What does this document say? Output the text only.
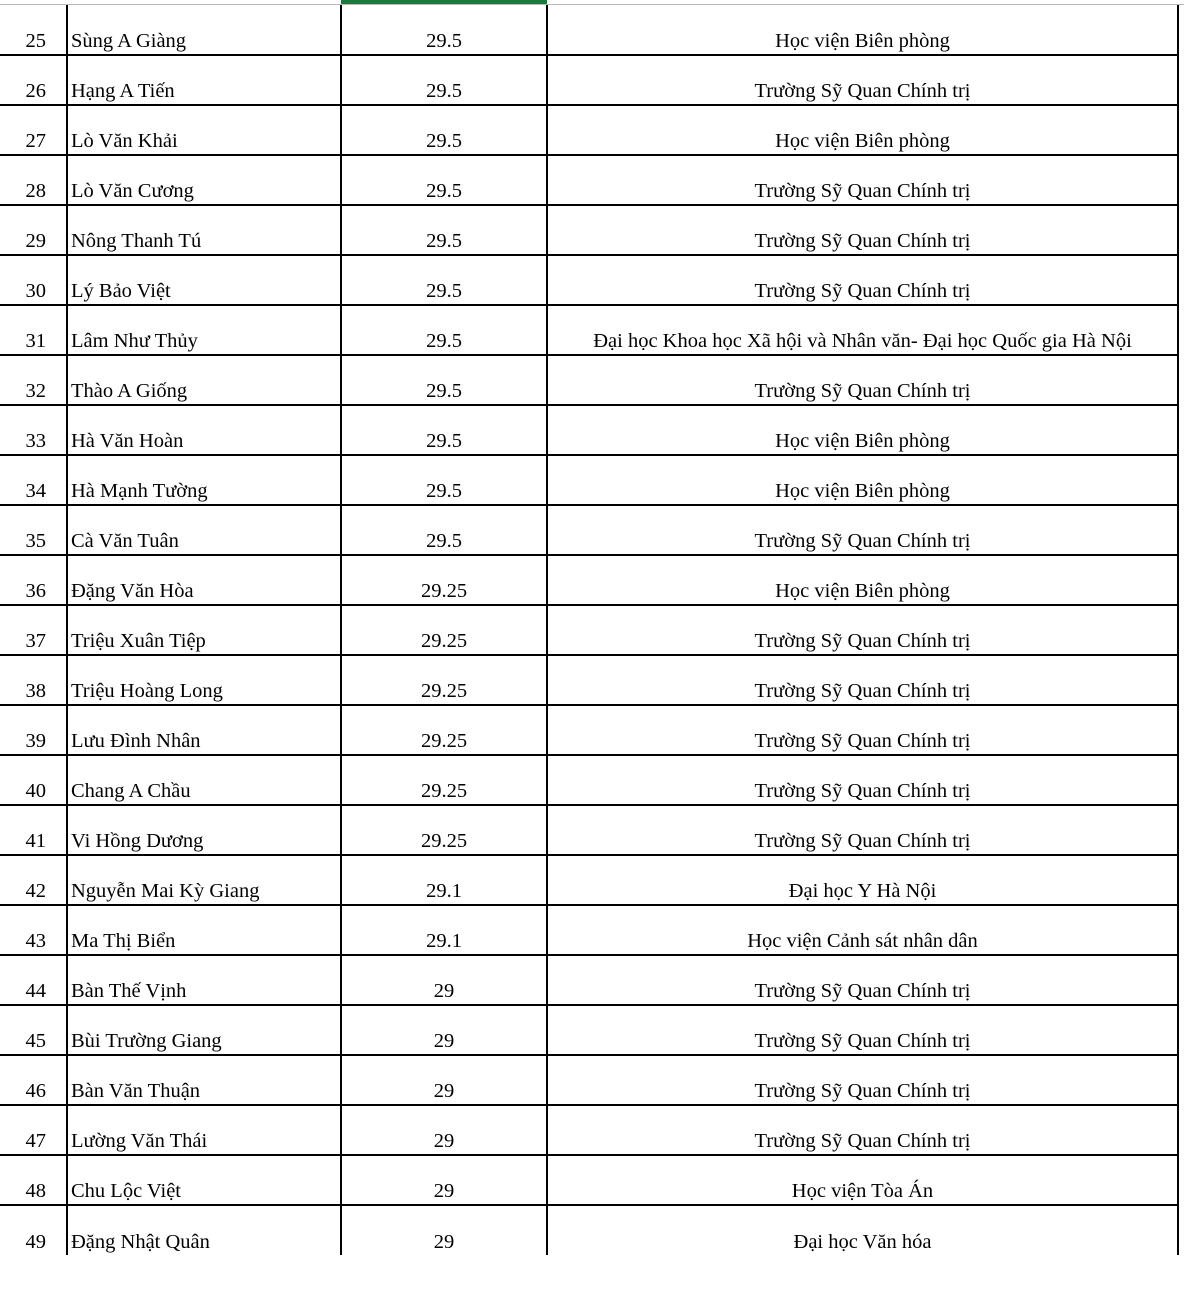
25	Sùng A Giàng	29.5	Học viện Biên phòng
26	Hạng A Tiến	29.5	Trường Sỹ Quan Chính trị
27	Lò Văn Khải	29.5	Học viện Biên phòng
28	Lò Văn Cương	29.5	Trường Sỹ Quan Chính trị
29	Nông Thanh Tú	29.5	Trường Sỹ Quan Chính trị
30	Lý Bảo Việt	29.5	Trường Sỹ Quan Chính trị
31	Lâm Như Thủy	29.5	Đại học Khoa học Xã hội và Nhân văn- Đại học Quốc gia Hà Nội
32	Thào A Giống	29.5	Trường Sỹ Quan Chính trị
33	Hà Văn Hoàn	29.5	Học viện Biên phòng
34	Hà Mạnh Tường	29.5	Học viện Biên phòng
35	Cà Văn Tuân	29.5	Trường Sỹ Quan Chính trị
36	Đặng Văn Hòa	29.25	Học viện Biên phòng
37	Triệu Xuân Tiệp	29.25	Trường Sỹ Quan Chính trị
38	Triệu Hoàng Long	29.25	Trường Sỹ Quan Chính trị
39	Lưu Đình Nhân	29.25	Trường Sỹ Quan Chính trị
40	Chang A Chầu	29.25	Trường Sỹ Quan Chính trị
41	Vi Hồng Dương	29.25	Trường Sỹ Quan Chính trị
42	Nguyễn Mai Kỳ Giang	29.1	Đại học Y Hà Nội
43	Ma Thị Biển	29.1	Học viện Cảnh sát nhân dân
44	Bàn Thế Vịnh	29	Trường Sỹ Quan Chính trị
45	Bùi Trường Giang	29	Trường Sỹ Quan Chính trị
46	Bàn Văn Thuận	29	Trường Sỹ Quan Chính trị
47	Lường Văn Thái	29	Trường Sỹ Quan Chính trị
48	Chu Lộc Việt	29	Học viện Tòa Án
49	Đặng Nhật Quân	29	Đại học Văn hóa
